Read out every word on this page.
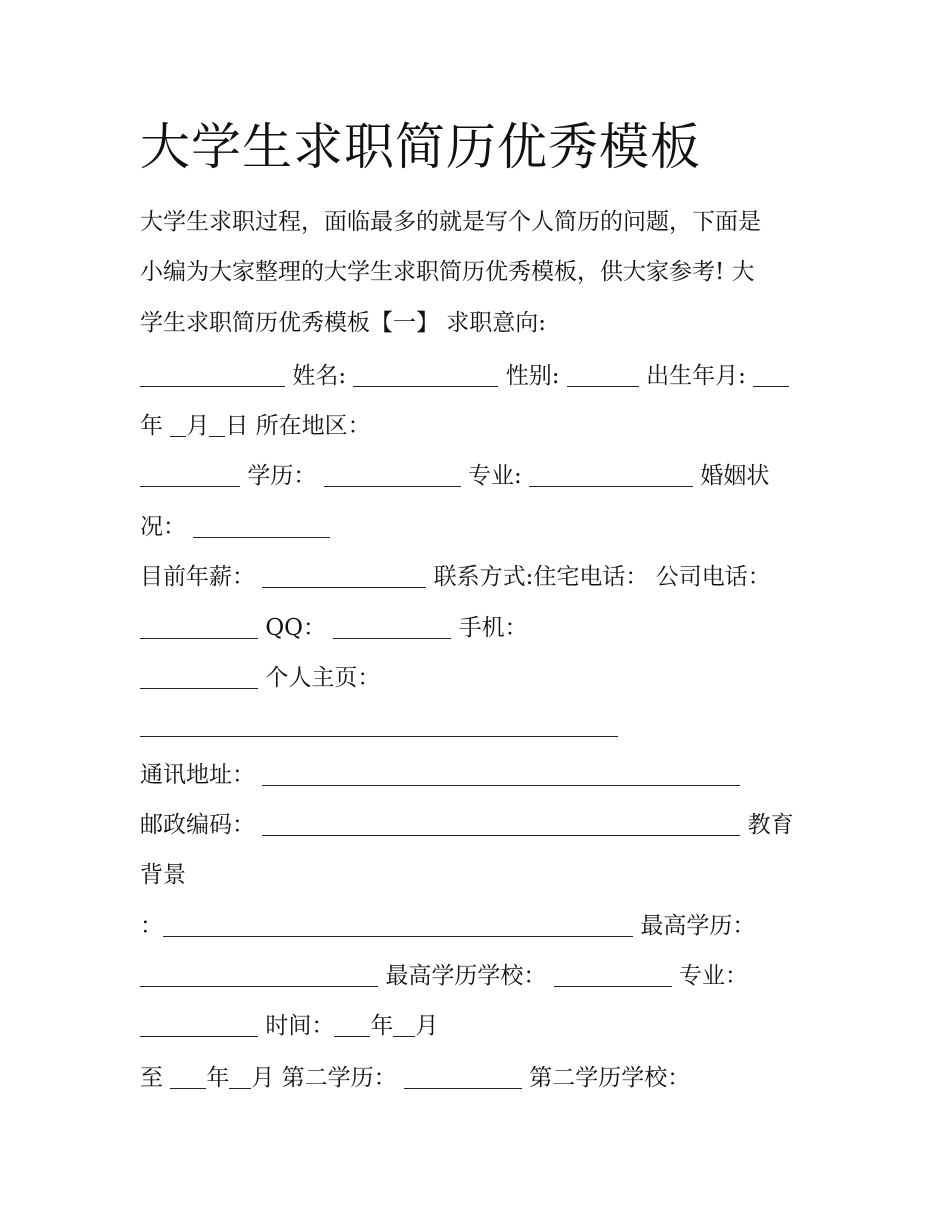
大学生求职简历优秀模板
大学生求职过程，面临最多的就是写个人简历的问题，下面是
小编为大家整理的大学生求职简历优秀模板，供大家参考! 大
学生求职简历优秀模板【一】 求职意向:
姓名:	性别:	出生年月:
年 月 日 所在地区：
学历：	专业:	婚姻状
况：
目前年薪：	联系方式:住宅电话： 公司电话：
QQ：	手机：
个人主页：
通讯地址：
邮政编码：	教育
背景
：	最高学历：
最高学历学校：	专业：
时间： 年 月
至 年 月 第二学历：	第二学历学校：
